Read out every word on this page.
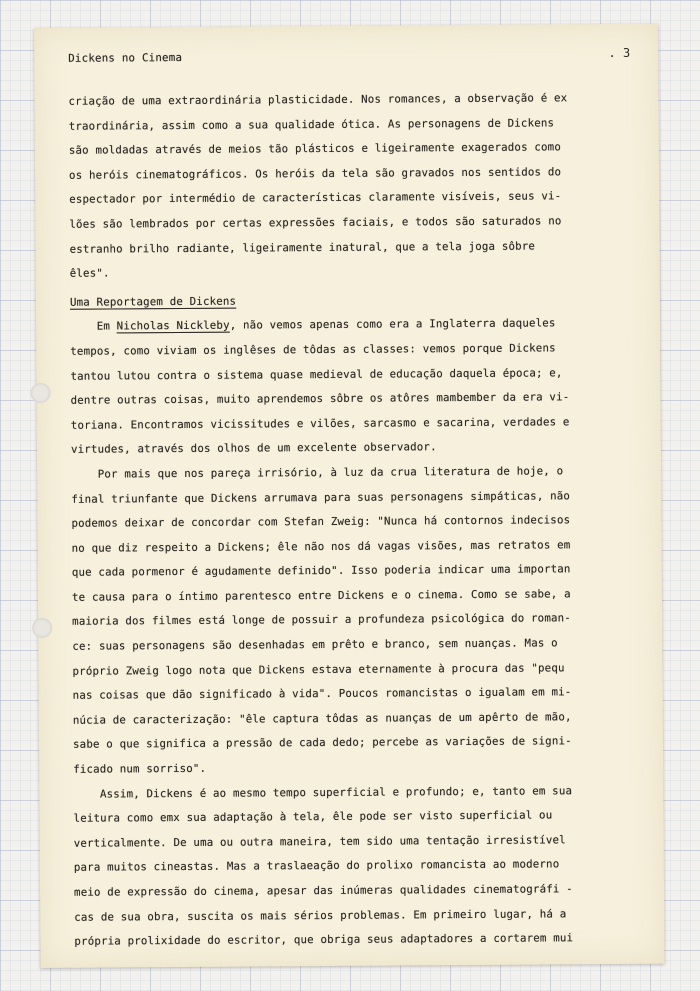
Dickens no Cinema	. 3
criação de uma extraordinária plasticidade. Nos romances, a observação é ex
traordinária, assim como a sua qualidade ótica. As personagens de Dickens
são moldadas através de meios tão plásticos e ligeiramente exagerados como
os heróis cinematográficos. Os heróis da tela são gravados nos sentidos do
espectador por intermédio de características claramente visíveis, seus vi-
lões são lembrados por certas expressões faciais, e todos são saturados no
estranho brilho radiante, ligeiramente inatural, que a tela joga sôbre
êles".
Uma Reportagem de Dickens
Em Nicholas Nickleby, não vemos apenas como era a Inglaterra daqueles
tempos, como viviam os inglêses de tôdas as classes: vemos porque Dickens
tantou lutou contra o sistema quase medieval de educação daquela época; e,
dentre outras coisas, muito aprendemos sôbre os atôres mambember da era vi-
toriana. Encontramos vicissitudes e vilões, sarcasmo e sacarina, verdades e
virtudes, através dos olhos de um excelente observador.
Por mais que nos pareça irrisório, à luz da crua literatura de hoje, o
final triunfante que Dickens arrumava para suas personagens simpáticas, não
podemos deixar de concordar com Stefan Zweig: "Nunca há contornos indecisos
no que diz respeito a Dickens; êle não nos dá vagas visões, mas retratos em
que cada pormenor é agudamente definido". Isso poderia indicar uma importan
te causa para o íntimo parentesco entre Dickens e o cinema. Como se sabe, a
maioria dos filmes está longe de possuir a profundeza psicológica do roman-
ce: suas personagens são desenhadas em prêto e branco, sem nuanças. Mas o
próprio Zweig logo nota que Dickens estava eternamente à procura das "pequ
nas coisas que dão significado à vida". Poucos romancistas o igualam em mi-
núcia de caracterização: "êle captura tôdas as nuanças de um apêrto de mão,
sabe o que significa a pressão de cada dedo; percebe as variações de signi-
ficado num sorriso".
Assim, Dickens é ao mesmo tempo superficial e profundo; e, tanto em sua
leitura como emx sua adaptação à tela, êle pode ser visto superficial ou
verticalmente. De uma ou outra maneira, tem sido uma tentação irresistível
para muitos cineastas. Mas a traslaeação do prolixo romancista ao moderno
meio de expressão do cinema, apesar das inúmeras qualidades cinematográfi -
cas de sua obra, suscita os mais sérios problemas. Em primeiro lugar, há a
própria prolixidade do escritor, que obriga seus adaptadores a cortarem mui
